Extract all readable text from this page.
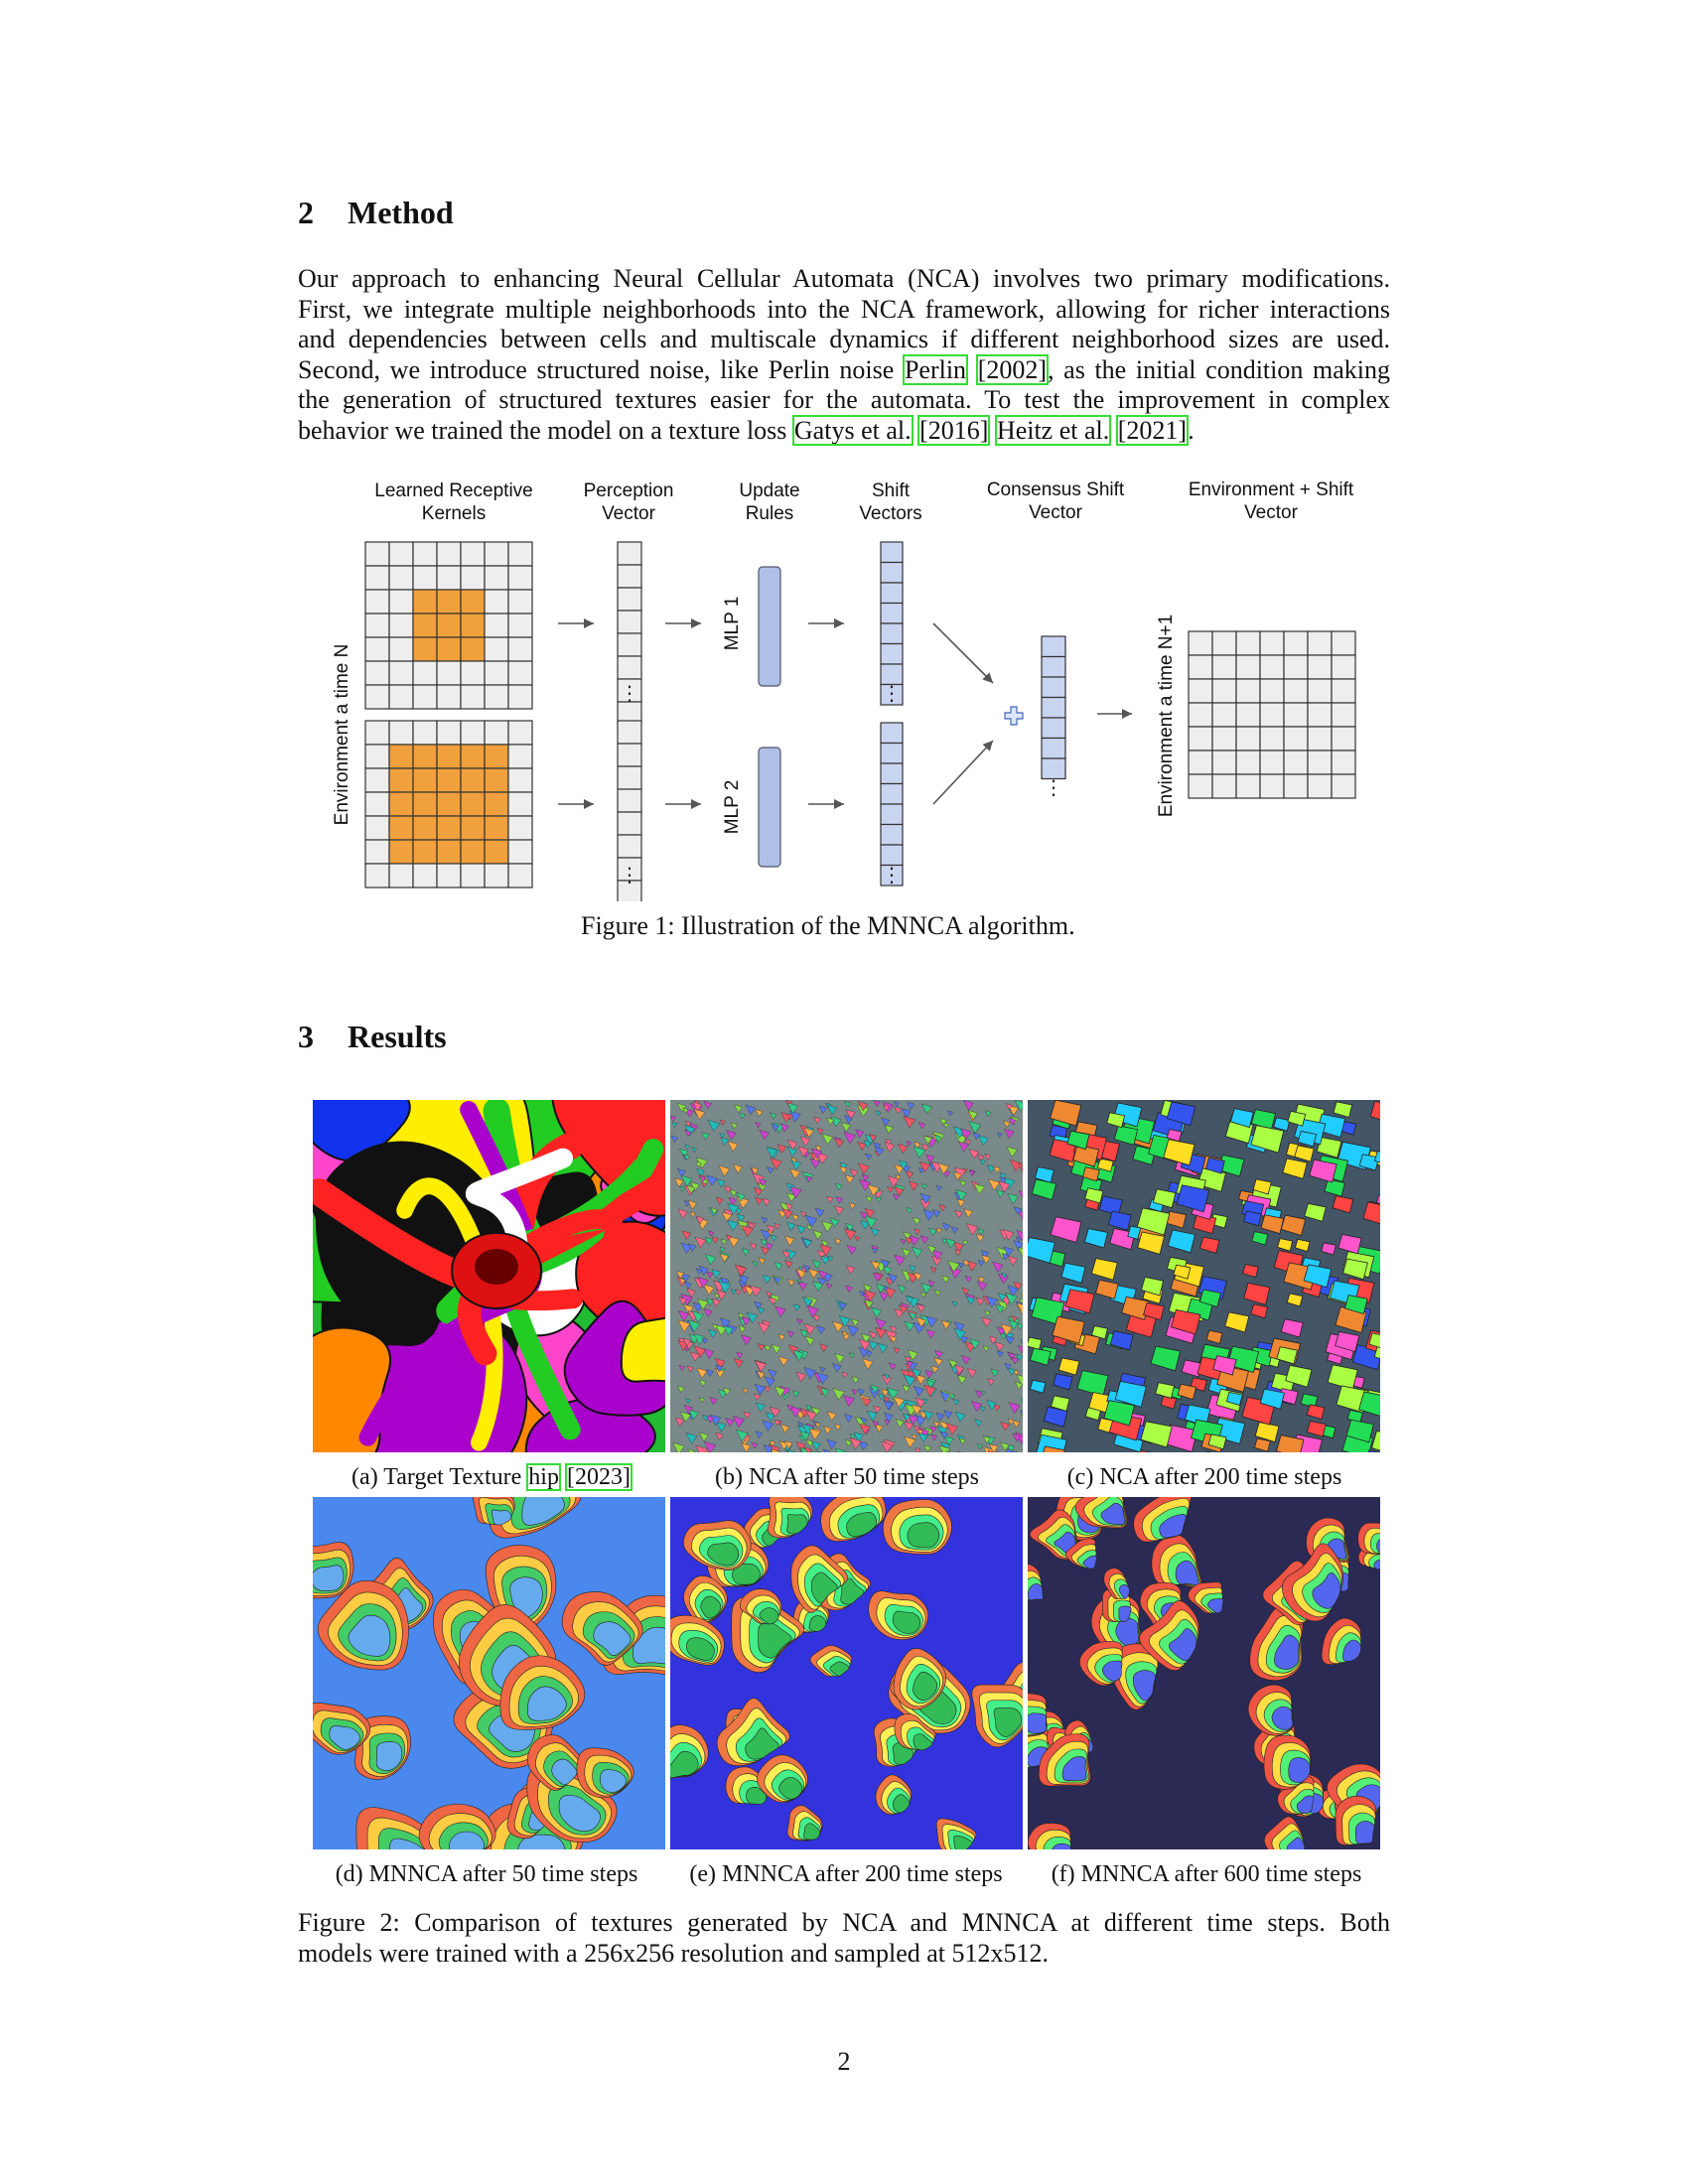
2 Method

Our approach to enhancing Neural Cellular Automata (NCA) involves two primary modifications.
First, we integrate multiple neighborhoods into the NCA framework, allowing for richer interactions
and dependencies between cells and multiscale dynamics if different neighborhood sizes are used.
Second, we introduce structured noise, like Perlin noise Perlin [2002], as the initial condition making
the generation of structured textures easier for the automata. To test the improvement in complex
behavior we trained the model on a texture loss Gatys et al. [2016] Heitz et al. [2021].

Learned Receptive
Kernels
Perception
Vector
Update
Rules
Shift
Vectors
Consensus Shift
Vector
Environment + Shift
Vector
Environment a time N	Environment a time N+1
⋮
⋮
⋮
⋮
⋮
MLP 1
MLP 2

Figure 1: Illustration of the MNNCA algorithm.

3 Results
(a) Target Texture hip [2023]	(b) NCA after 50 time steps	(c) NCA after 200 time steps
(d) MNNCA after 50 time steps	(e) MNNCA after 200 time steps	(f) MNNCA after 600 time steps

Figure 2: Comparison of textures generated by NCA and MNNCA at different time steps. Both
models were trained with a 256x256 resolution and sampled at 512x512.

2
